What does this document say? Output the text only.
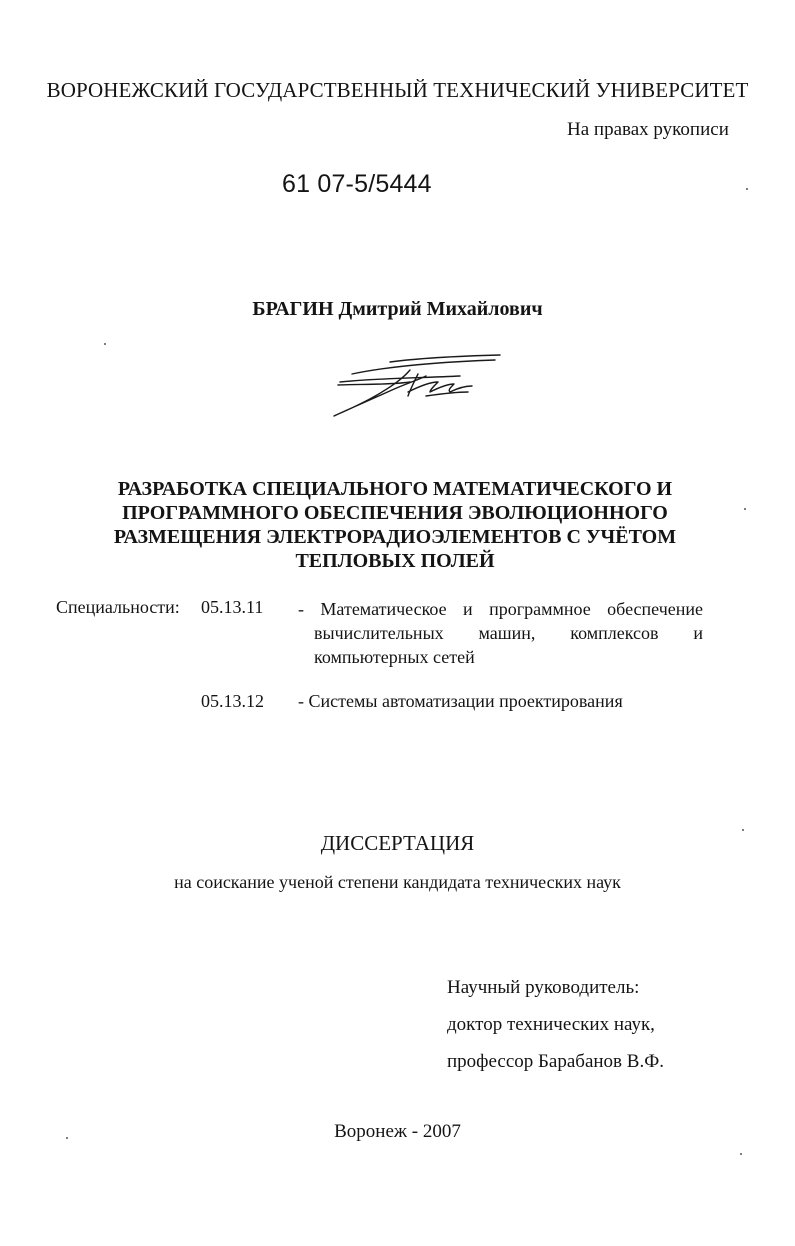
ВОРОНЕЖСКИЙ ГОСУДАРСТВЕННЫЙ ТЕХНИЧЕСКИЙ УНИВЕРСИТЕТ
На правах рукописи
61 07-5/5444
БРАГИН Дмитрий Михайлович
РАЗРАБОТКА СПЕЦИАЛЬНОГО МАТЕМАТИЧЕСКОГО И
ПРОГРАММНОГО ОБЕСПЕЧЕНИЯ ЭВОЛЮЦИОННОГО
РАЗМЕЩЕНИЯ ЭЛЕКТРОРАДИОЭЛЕМЕНТОВ С УЧЁТОМ
ТЕПЛОВЫХ ПОЛЕЙ
Специальности: 05.13.11 - Математическое и программное обеспечение
вычислительных машин, комплексов и
компьютерных сетей
05.13.12 - Системы автоматизации проектирования
ДИССЕРТАЦИЯ
на соискание ученой степени кандидата технических наук
Научный руководитель:
доктор технических наук,
профессор Барабанов В.Ф.
Воронеж - 2007
